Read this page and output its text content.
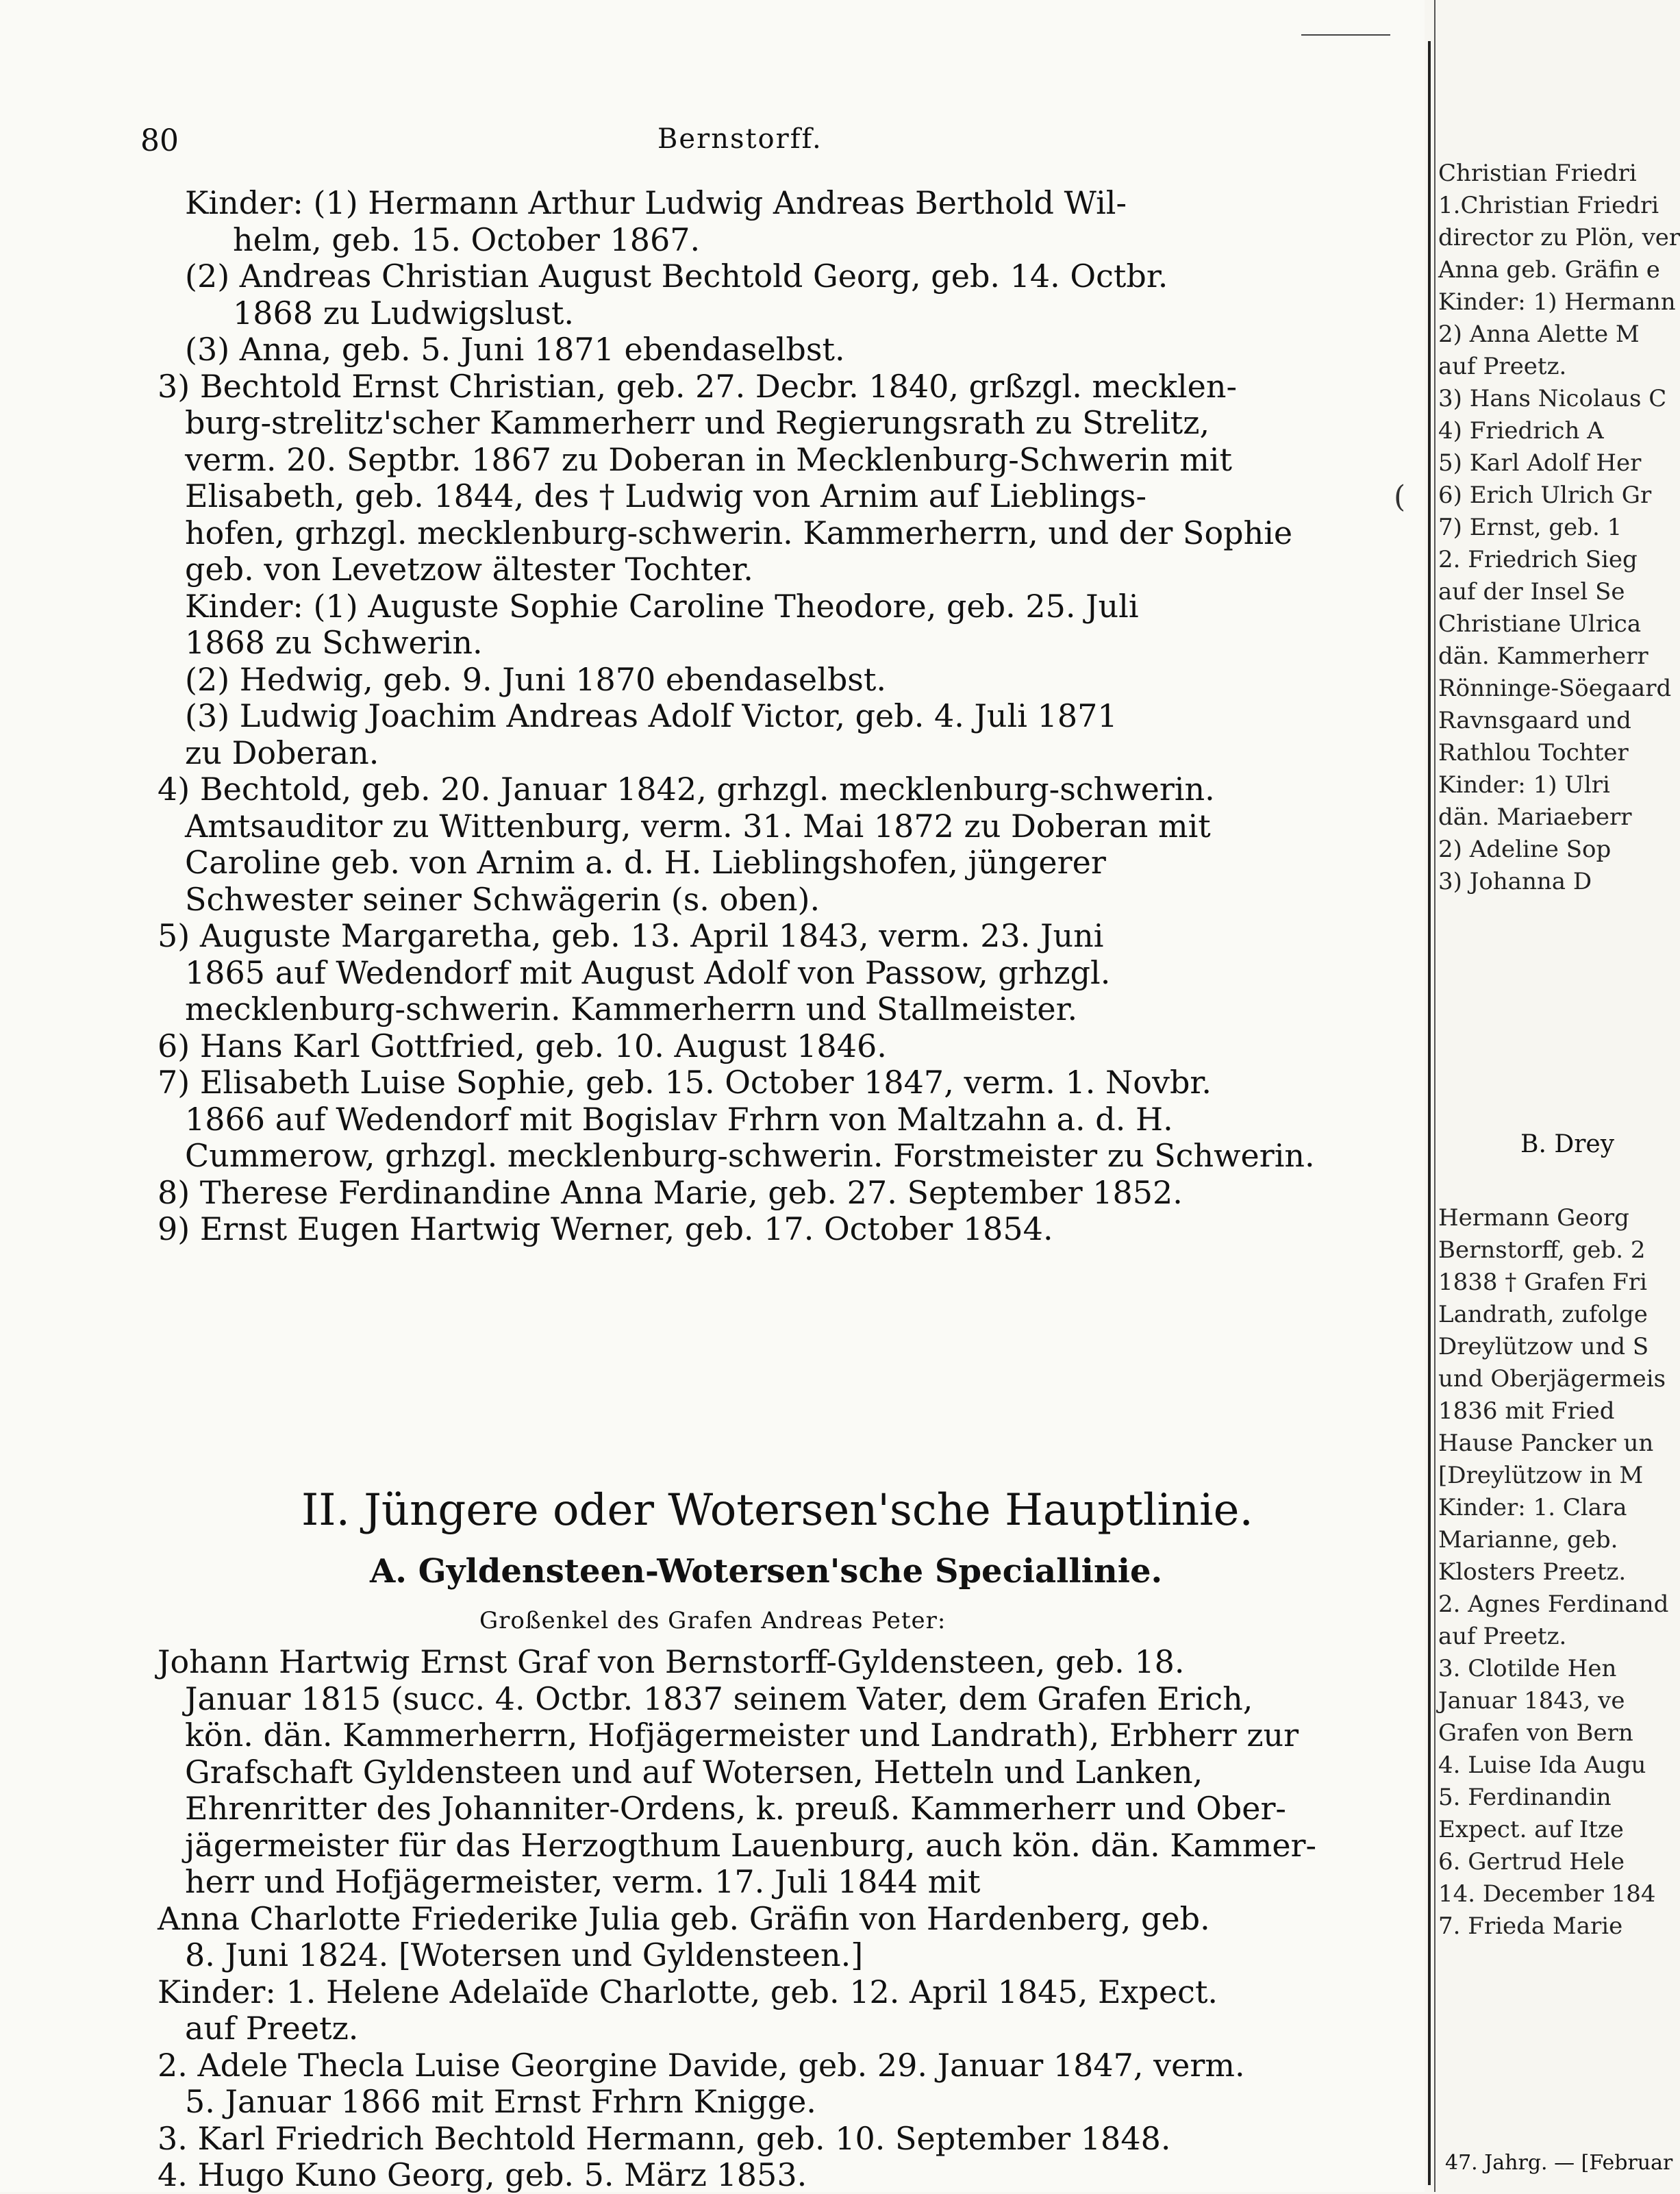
(
80	Bernstorff.
Kinder: (1) Hermann Arthur Ludwig Andreas Berthold Wil-
helm, geb. 15. October 1867.
(2) Andreas Christian August Bechtold Georg, geb. 14. Octbr.
1868 zu Ludwigslust.
(3) Anna, geb. 5. Juni 1871 ebendaselbst.
3) Bechtold Ernst Christian, geb. 27. Decbr. 1840, grßzgl. mecklen-
burg-strelitz'scher Kammerherr und Regierungsrath zu Strelitz,
verm. 20. Septbr. 1867 zu Doberan in Mecklenburg-Schwerin mit
Elisabeth, geb. 1844, des † Ludwig von Arnim auf Lieblings-
hofen, grhzgl. mecklenburg-schwerin. Kammerherrn, und der Sophie
geb. von Levetzow ältester Tochter.
Kinder: (1) Auguste Sophie Caroline Theodore, geb. 25. Juli
1868 zu Schwerin.
(2) Hedwig, geb. 9. Juni 1870 ebendaselbst.
(3) Ludwig Joachim Andreas Adolf Victor, geb. 4. Juli 1871
zu Doberan.
4) Bechtold, geb. 20. Januar 1842, grhzgl. mecklenburg-schwerin.
Amtsauditor zu Wittenburg, verm. 31. Mai 1872 zu Doberan mit
Caroline geb. von Arnim a. d. H. Lieblingshofen, jüngerer
Schwester seiner Schwägerin (s. oben).
5) Auguste Margaretha, geb. 13. April 1843, verm. 23. Juni
1865 auf Wedendorf mit August Adolf von Passow, grhzgl.
mecklenburg-schwerin. Kammerherrn und Stallmeister.
6) Hans Karl Gottfried, geb. 10. August 1846.
7) Elisabeth Luise Sophie, geb. 15. October 1847, verm. 1. Novbr.
1866 auf Wedendorf mit Bogislav Frhrn von Maltzahn a. d. H.
Cummerow, grhzgl. mecklenburg-schwerin. Forstmeister zu Schwerin.
8) Therese Ferdinandine Anna Marie, geb. 27. September 1852.
9) Ernst Eugen Hartwig Werner, geb. 17. October 1854.
II. Jüngere oder Wotersen'sche Hauptlinie.
A. Gyldensteen-Wotersen'sche Speciallinie.
Großenkel des Grafen Andreas Peter:
Johann Hartwig Ernst Graf von Bernstorff-Gyldensteen, geb. 18.
Januar 1815 (succ. 4. Octbr. 1837 seinem Vater, dem Grafen Erich,
kön. dän. Kammerherrn, Hofjägermeister und Landrath), Erbherr zur
Grafschaft Gyldensteen und auf Wotersen, Hetteln und Lanken,
Ehrenritter des Johanniter-Ordens, k. preuß. Kammerherr und Ober-
jägermeister für das Herzogthum Lauenburg, auch kön. dän. Kammer-
herr und Hofjägermeister, verm. 17. Juli 1844 mit
Anna Charlotte Friederike Julia geb. Gräfin von Hardenberg, geb.
8. Juni 1824. [Wotersen und Gyldensteen.]
Kinder: 1. Helene Adelaïde Charlotte, geb. 12. April 1845, Expect.
auf Preetz.
2. Adele Thecla Luise Georgine Davide, geb. 29. Januar 1847, verm.
5. Januar 1866 mit Ernst Frhrn Knigge.
3. Karl Friedrich Bechtold Hermann, geb. 10. September 1848.
4. Hugo Kuno Georg, geb. 5. März 1853.
Christian Friedri
1.Christian Friedri
director zu Plön, ver
Anna geb. Gräfin e
Kinder: 1) Hermann
2) Anna Alette M
auf Preetz.
3) Hans Nicolaus C
4) Friedrich A
5) Karl Adolf Her
6) Erich Ulrich Gr
7) Ernst, geb. 1
2. Friedrich Sieg
auf der Insel Se
Christiane Ulrica
dän. Kammerherr
Rönninge-Söegaard
Ravnsgaard und
Rathlou Tochter
Kinder: 1) Ulri
dän. Mariaeberr
2) Adeline Sop
3) Johanna D
B. Drey
Hermann Georg
Bernstorff, geb. 2
1838 † Grafen Fri
Landrath, zufolge
Dreylützow und S
und Oberjägermeis
1836 mit Fried
Hause Pancker un
[Dreylützow in M
Kinder: 1. Clara
Marianne, geb.
Klosters Preetz.
2. Agnes Ferdinand
auf Preetz.
3. Clotilde Hen
Januar 1843, ve
Grafen von Bern
4. Luise Ida Augu
5. Ferdinandin
Expect. auf Itze
6. Gertrud Hele
14. December 184
7. Frieda Marie
47. Jahrg. — [Februar
